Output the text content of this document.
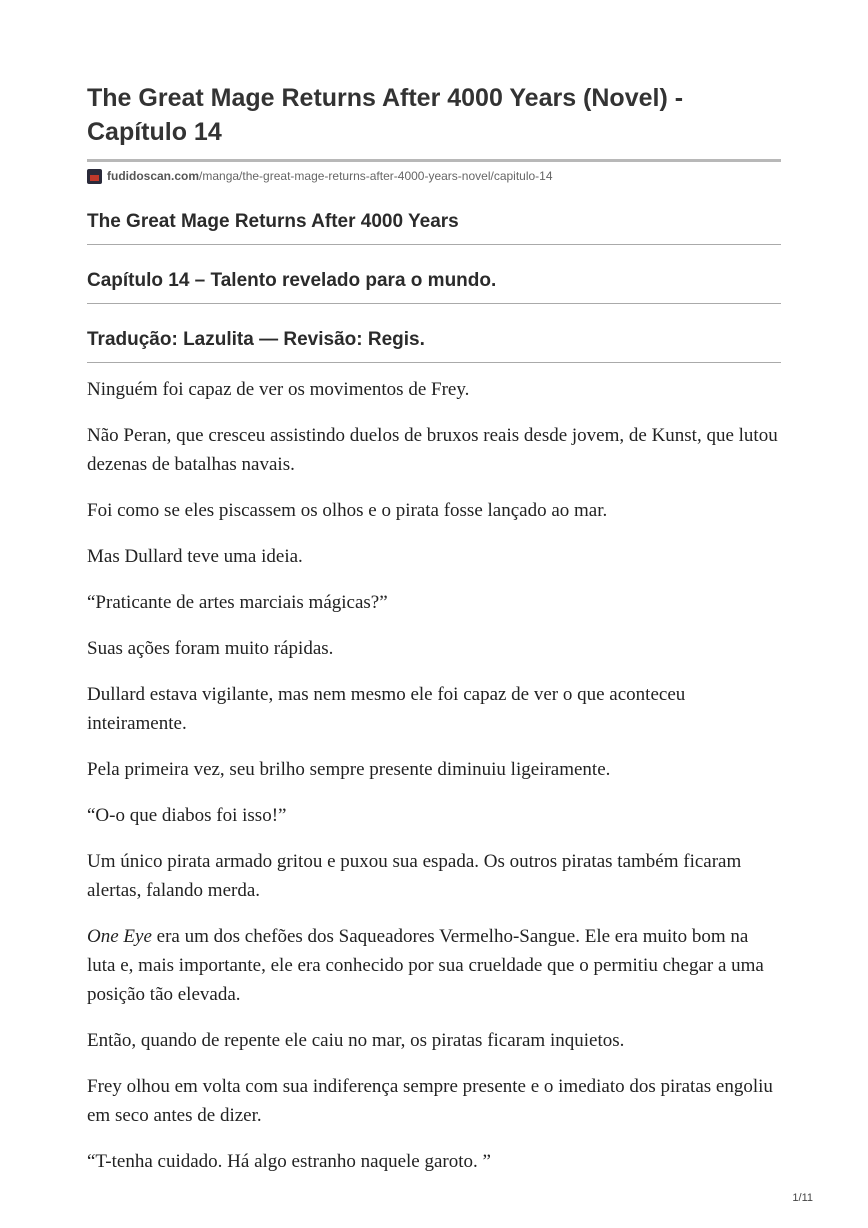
The Great Mage Returns After 4000 Years (Novel) - Capítulo 14
fudidoscan.com /manga/the-great-mage-returns-after-4000-years-novel/capitulo-14
The Great Mage Returns After 4000 Years
Capítulo 14 – Talento revelado para o mundo.
Tradução: Lazulita — Revisão: Regis.

Ninguém foi capaz de ver os movimentos de Frey.

Não Peran, que cresceu assistindo duelos de bruxos reais desde jovem, de Kunst, que lutou dezenas de batalhas navais.

Foi como se eles piscassem os olhos e o pirata fosse lançado ao mar.

Mas Dullard teve uma ideia.

“Praticante de artes marciais mágicas?”

Suas ações foram muito rápidas.

Dullard estava vigilante, mas nem mesmo ele foi capaz de ver o que aconteceu inteiramente.

Pela primeira vez, seu brilho sempre presente diminuiu ligeiramente.

“O-o que diabos foi isso!”

Um único pirata armado gritou e puxou sua espada. Os outros piratas também ficaram alertas, falando merda.

One Eye era um dos chefões dos Saqueadores Vermelho-Sangue. Ele era muito bom na luta e, mais importante, ele era conhecido por sua crueldade que o permitiu chegar a uma posição tão elevada.

Então, quando de repente ele caiu no mar, os piratas ficaram inquietos.

Frey olhou em volta com sua indiferença sempre presente e o imediato dos piratas engoliu em seco antes de dizer.

“T-tenha cuidado. Há algo estranho naquele garoto. ”

1/11
